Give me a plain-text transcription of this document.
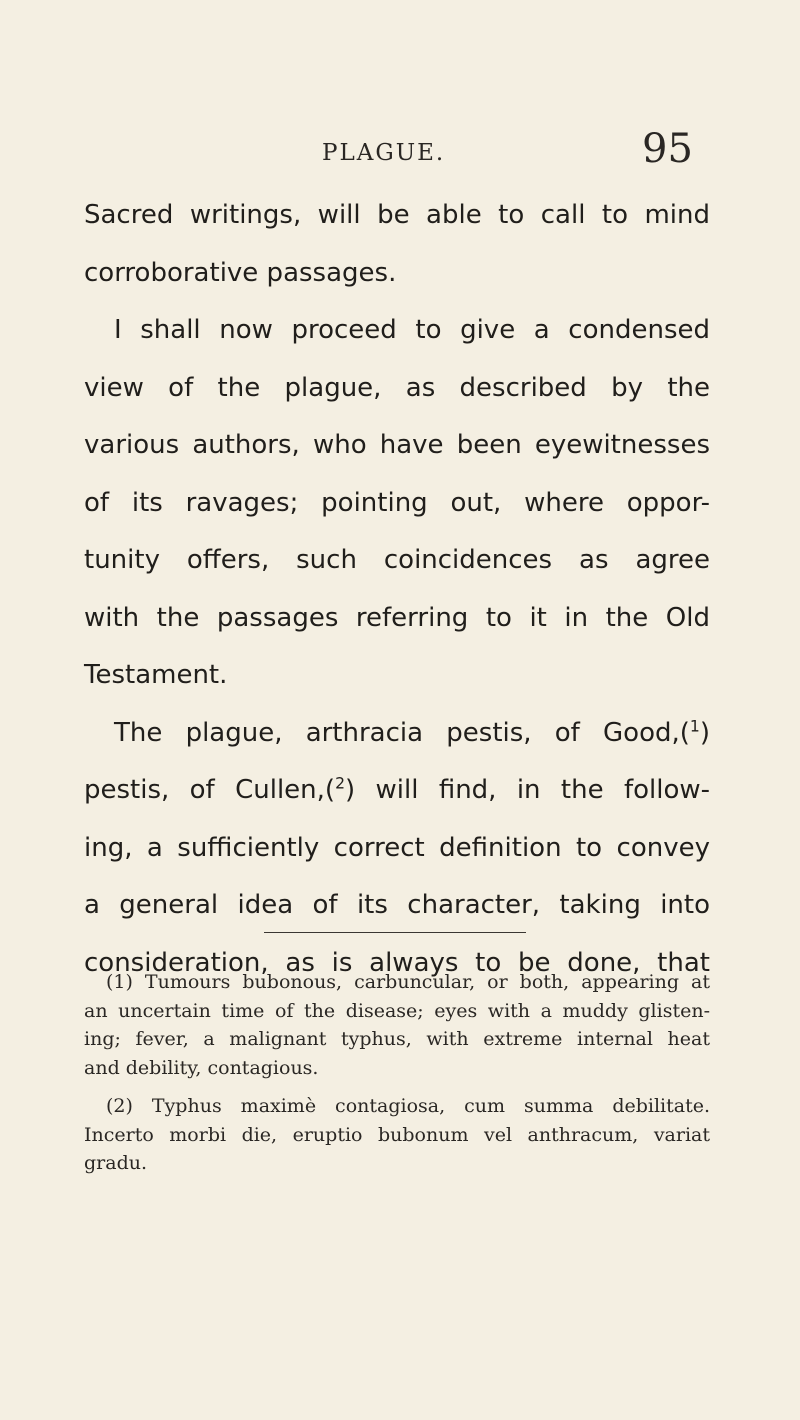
PLAGUE.	95

Sacred writings, will be able to call to mind
corroborative passages.

I shall now proceed to give a condensed
view of the plague, as described by the
various authors, who have been eyewitnesses
of its ravages; pointing out, where oppor-
tunity offers, such coincidences as agree
with the passages referring to it in the Old
Testament.

The plague, arthracia pestis, of Good,($^1$)
pestis, of Cullen,($^2$) will find, in the follow-
ing, a sufficiently correct definition to convey
a general idea of its character, taking into
consideration, as is always to be done, that

(1) Tumours bubonous, carbuncular, or both, appearing at
an uncertain time of the disease; eyes with a muddy glisten-
ing; fever, a malignant typhus, with extreme internal heat
and debility, contagious.

(2) Typhus maximè contagiosa, cum summa debilitate.
Incerto morbi die, eruptio bubonum vel anthracum, variat
gradu.
